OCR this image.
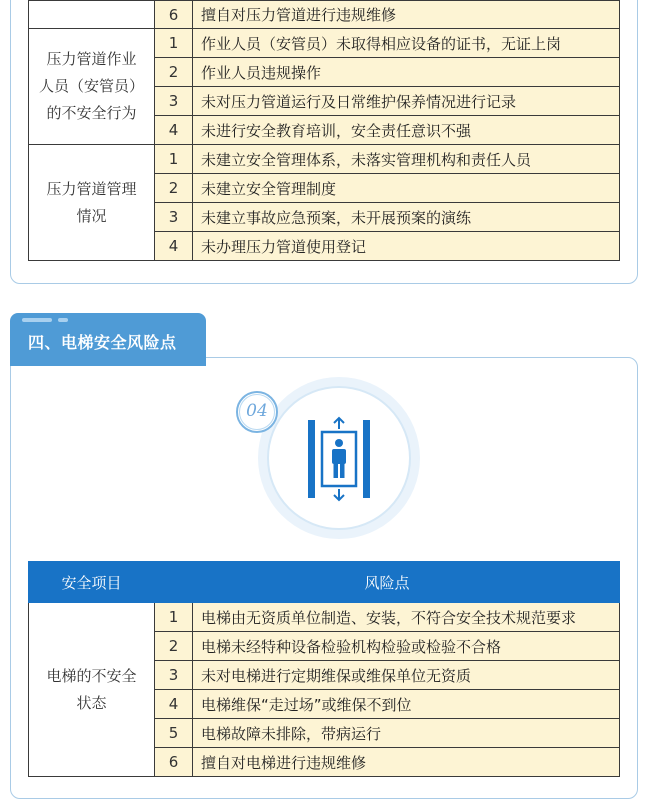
	6	擅自对压力管道进行违规维修

压力管道作业
人员（安管员）
的不安全行为	1	作业人员（安管员）未取得相应设备的证书，无证上岗
	2	作业人员违规操作
	3	未对压力管道运行及日常维护保养情况进行记录
	4	未进行安全教育培训，安全责任意识不强

压力管道管理
情况	1	未建立安全管理体系，未落实管理机构和责任人员
	2	未建立安全管理制度
	3	未建立事故应急预案，未开展预案的演练
	4	未办理压力管道使用登记
四、电梯安全风险点
04
安全项目	风险点	

电梯的不安全
状态	1	电梯由无资质单位制造、安装，不符合安全技术规范要求
	2	电梯未经特种设备检验机构检验或检验不合格
	3	未对电梯进行定期维保或维保单位无资质
	4	电梯维保“走过场”或维保不到位
	5	电梯故障未排除，带病运行
	6	擅自对电梯进行违规维修
